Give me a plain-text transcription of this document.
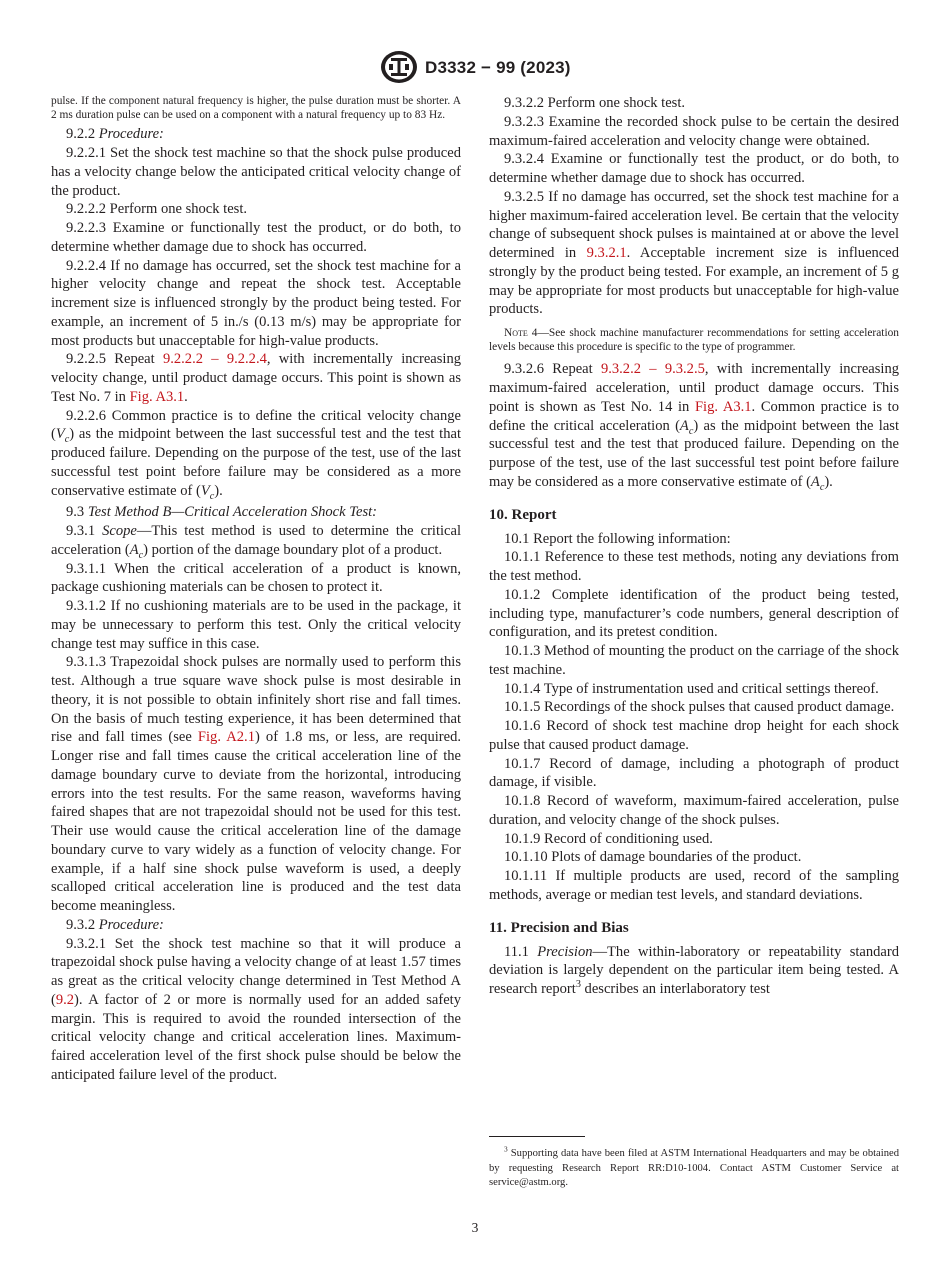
D3332 − 99 (2023)

pulse. If the component natural frequency is higher, the pulse duration must be shorter. A 2 ms duration pulse can be used on a component with a natural frequency up to 83 Hz.

9.2.2 Procedure:

9.2.2.1 Set the shock test machine so that the shock pulse produced has a velocity change below the anticipated critical velocity change of the product.

9.2.2.2 Perform one shock test.

9.2.2.3 Examine or functionally test the product, or do both, to determine whether damage due to shock has occurred.

9.2.2.4 If no damage has occurred, set the shock test machine for a higher velocity change and repeat the shock test. Acceptable increment size is influenced strongly by the product being tested. For example, an increment of 5 in./s (0.13 m/s) may be appropriate for most products but unacceptable for high-value products.

9.2.2.5 Repeat 9.2.2.2 – 9.2.2.4, with incrementally increasing velocity change, until product damage occurs. This point is shown as Test No. 7 in Fig. A3.1.

9.2.2.6 Common practice is to define the critical velocity change $(V_c)$ as the midpoint between the last successful test and the test that produced failure. Depending on the purpose of the test, use of the last successful test point before failure may be considered as a more conservative estimate of $(V_c)$.

9.3 Test Method B—Critical Acceleration Shock Test:

9.3.1 Scope—This test method is used to determine the critical acceleration $(A_c)$ portion of the damage boundary plot of a product.

9.3.1.1 When the critical acceleration of a product is known, package cushioning materials can be chosen to protect it.

9.3.1.2 If no cushioning materials are to be used in the package, it may be unnecessary to perform this test. Only the critical velocity change test may suffice in this case.

9.3.1.3 Trapezoidal shock pulses are normally used to perform this test. Although a true square wave shock pulse is most desirable in theory, it is not possible to obtain infinitely short rise and fall times. On the basis of much testing experience, it has been determined that rise and fall times (see Fig. A2.1) of 1.8 ms, or less, are required. Longer rise and fall times cause the critical acceleration line of the damage boundary curve to deviate from the horizontal, introducing errors into the test results. For the same reason, waveforms having faired shapes that are not trapezoidal should not be used for this test. Their use would cause the critical acceleration line of the damage boundary curve to vary widely as a function of velocity change. For example, if a half sine shock pulse waveform is used, a deeply scalloped critical acceleration line is produced and the test data become meaningless.

9.3.2 Procedure:

9.3.2.1 Set the shock test machine so that it will produce a trapezoidal shock pulse having a velocity change of at least 1.57 times as great as the critical velocity change determined in Test Method A (9.2). A factor of 2 or more is normally used for an added safety margin. This is required to avoid the rounded intersection of the critical velocity change and critical acceleration lines. Maximum-faired acceleration level of the first shock pulse should be below the anticipated failure level of the product.

9.3.2.2 Perform one shock test.

9.3.2.3 Examine the recorded shock pulse to be certain the desired maximum-faired acceleration and velocity change were obtained.

9.3.2.4 Examine or functionally test the product, or do both, to determine whether damage due to shock has occurred.

9.3.2.5 If no damage has occurred, set the shock test machine for a higher maximum-faired acceleration level. Be certain that the velocity change of subsequent shock pulses is maintained at or above the level determined in 9.3.2.1. Acceptable increment size is influenced strongly by the product being tested. For example, an increment of 5 g may be appropriate for most products but unacceptable for high-value products.

Note 4—See shock machine manufacturer recommendations for setting acceleration levels because this procedure is specific to the type of programmer.

9.3.2.6 Repeat 9.3.2.2 – 9.3.2.5, with incrementally increasing maximum-faired acceleration, until product damage occurs. This point is shown as Test No. 14 in Fig. A3.1. Common practice is to define the critical acceleration $(A_c)$ as the midpoint between the last successful test and the test that produced failure. Depending on the purpose of the test, use of the last successful test point before failure may be considered as a more conservative estimate of $(A_c)$.

10. Report

10.1 Report the following information:

10.1.1 Reference to these test methods, noting any deviations from the test method.

10.1.2 Complete identification of the product being tested, including type, manufacturer’s code numbers, general description of configuration, and its pretest condition.

10.1.3 Method of mounting the product on the carriage of the shock test machine.

10.1.4 Type of instrumentation used and critical settings thereof.

10.1.5 Recordings of the shock pulses that caused product damage.

10.1.6 Record of shock test machine drop height for each shock pulse that caused product damage.

10.1.7 Record of damage, including a photograph of product damage, if visible.

10.1.8 Record of waveform, maximum-faired acceleration, pulse duration, and velocity change of the shock pulses.

10.1.9 Record of conditioning used.

10.1.10 Plots of damage boundaries of the product.

10.1.11 If multiple products are used, record of the sampling methods, average or median test levels, and standard deviations.

11. Precision and Bias

11.1 Precision—The within-laboratory or repeatability standard deviation is largely dependent on the particular item being tested. A research report$^3$ describes an interlaboratory test

$^3$ Supporting data have been filed at ASTM International Headquarters and may be obtained by requesting Research Report RR:D10-1004. Contact ASTM Customer Service at service@astm.org.

3
